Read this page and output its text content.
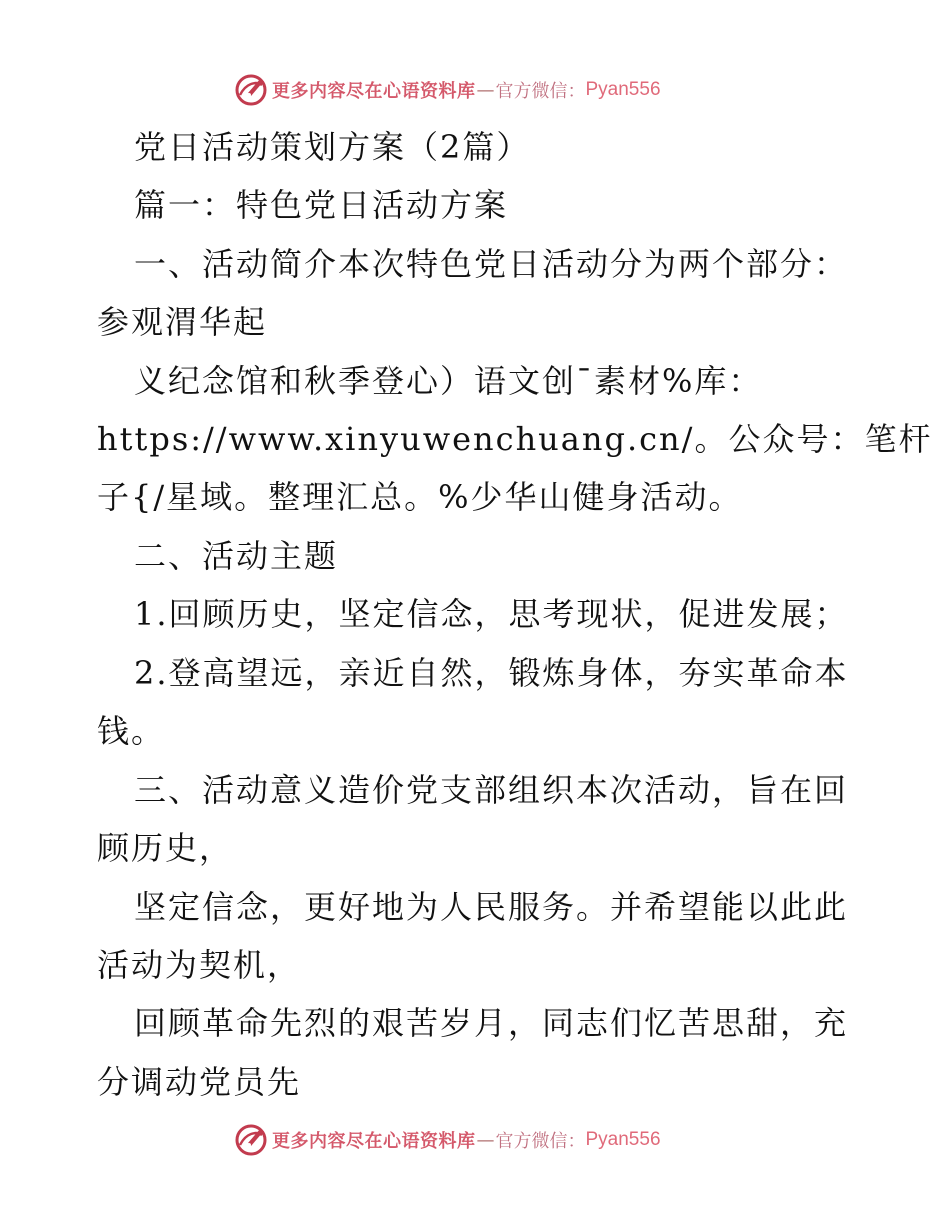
更多内容尽在心语资料库 — 官方微信： Pyan556
党日活动策划方案（2篇）
篇一：特色党日活动方案
一、活动简介本次特色党日活动分为两个部分：
参观渭华起
义纪念馆和秋季登心）语文创¯素材%库：
https://www.xinyuwenchuang.cn/。公众号：笔杆
子{/星域。整理汇总。%少华山健身活动。
二、活动主题
1.回顾历史，坚定信念，思考现状，促进发展；
2.登高望远，亲近自然，锻炼身体，夯实革命本
钱。
三、活动意义造价党支部组织本次活动，旨在回
顾历史，
坚定信念，更好地为人民服务。并希望能以此此
活动为契机，
回顾革命先烈的艰苦岁月，同志们忆苦思甜，充
分调动党员先
更多内容尽在心语资料库 — 官方微信： Pyan556
